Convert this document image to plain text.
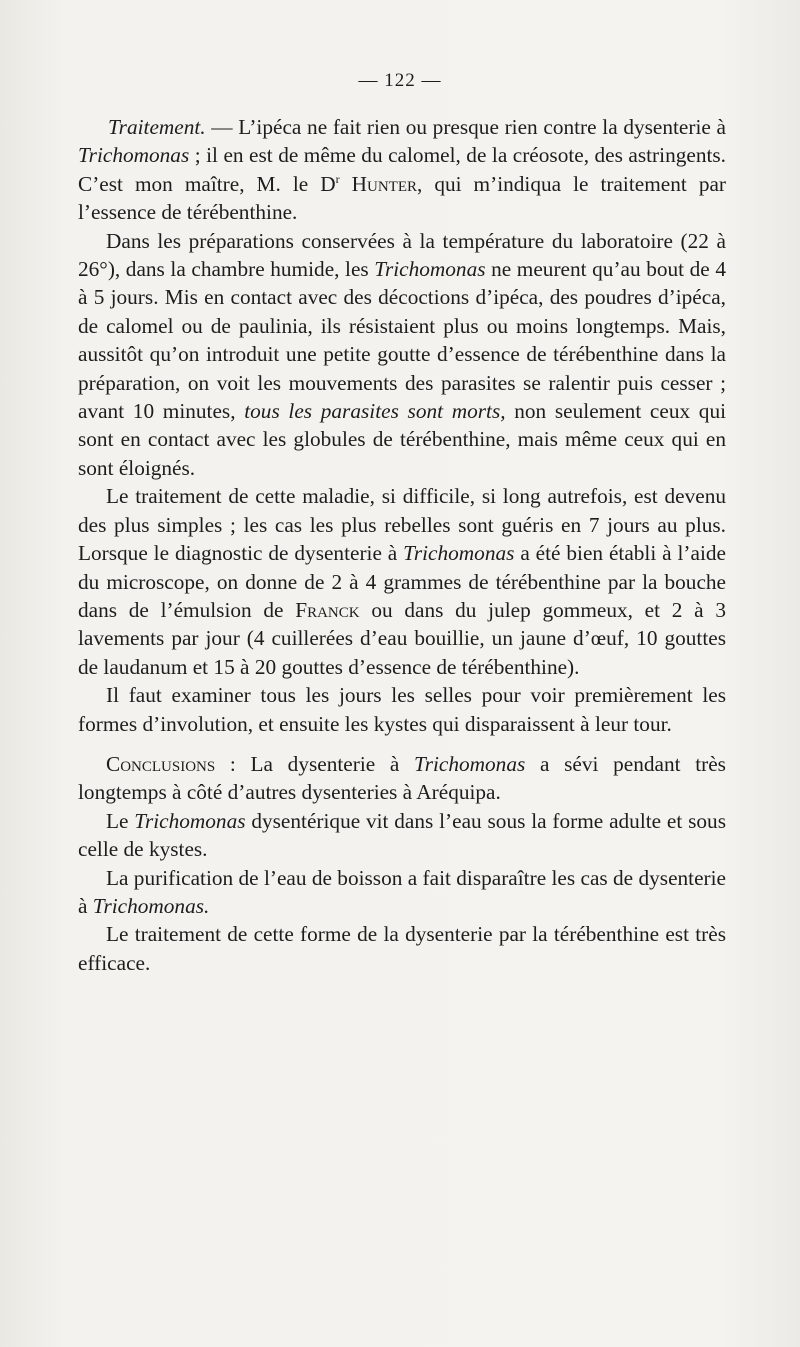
— 122 —

Traitement. — L’ipéca ne fait rien ou presque rien contre la dysenterie à Trichomonas ; il en est de même du calomel, de la créosote, des astringents. C’est mon maître, M. le $D^r$ Hunter, qui m’indiqua le traitement par l’essence de térébenthine.

Dans les préparations conservées à la température du laboratoire (22 à 26°), dans la chambre humide, les Trichomonas ne meurent qu’au bout de 4 à 5 jours. Mis en contact avec des décoctions d’ipéca, des poudres d’ipéca, de calomel ou de paulinia, ils résistaient plus ou moins longtemps. Mais, aussitôt qu’on introduit une petite goutte d’essence de térébenthine dans la préparation, on voit les mouvements des parasites se ralentir puis cesser ; avant 10 minutes, tous les parasites sont morts, non seulement ceux qui sont en contact avec les globules de térébenthine, mais même ceux qui en sont éloignés.

Le traitement de cette maladie, si difficile, si long autrefois, est devenu des plus simples ; les cas les plus rebelles sont guéris en 7 jours au plus. Lorsque le diagnostic de dysenterie à Trichomonas a été bien établi à l’aide du microscope, on donne de 2 à 4 grammes de térébenthine par la bouche dans de l’émulsion de Franck ou dans du julep gommeux, et 2 à 3 lavements par jour (4 cuillerées d’eau bouillie, un jaune d’œuf, 10 gouttes de laudanum et 15 à 20 gouttes d’essence de térébenthine).

Il faut examiner tous les jours les selles pour voir premièrement les formes d’involution, et ensuite les kystes qui disparaissent à leur tour.

Conclusions : La dysenterie à Trichomonas a sévi pendant très longtemps à côté d’autres dysenteries à Aréquipa.

Le Trichomonas dysentérique vit dans l’eau sous la forme adulte et sous celle de kystes.

La purification de l’eau de boisson a fait disparaître les cas de dysenterie à Trichomonas.

Le traitement de cette forme de la dysenterie par la térébenthine est très efficace.
